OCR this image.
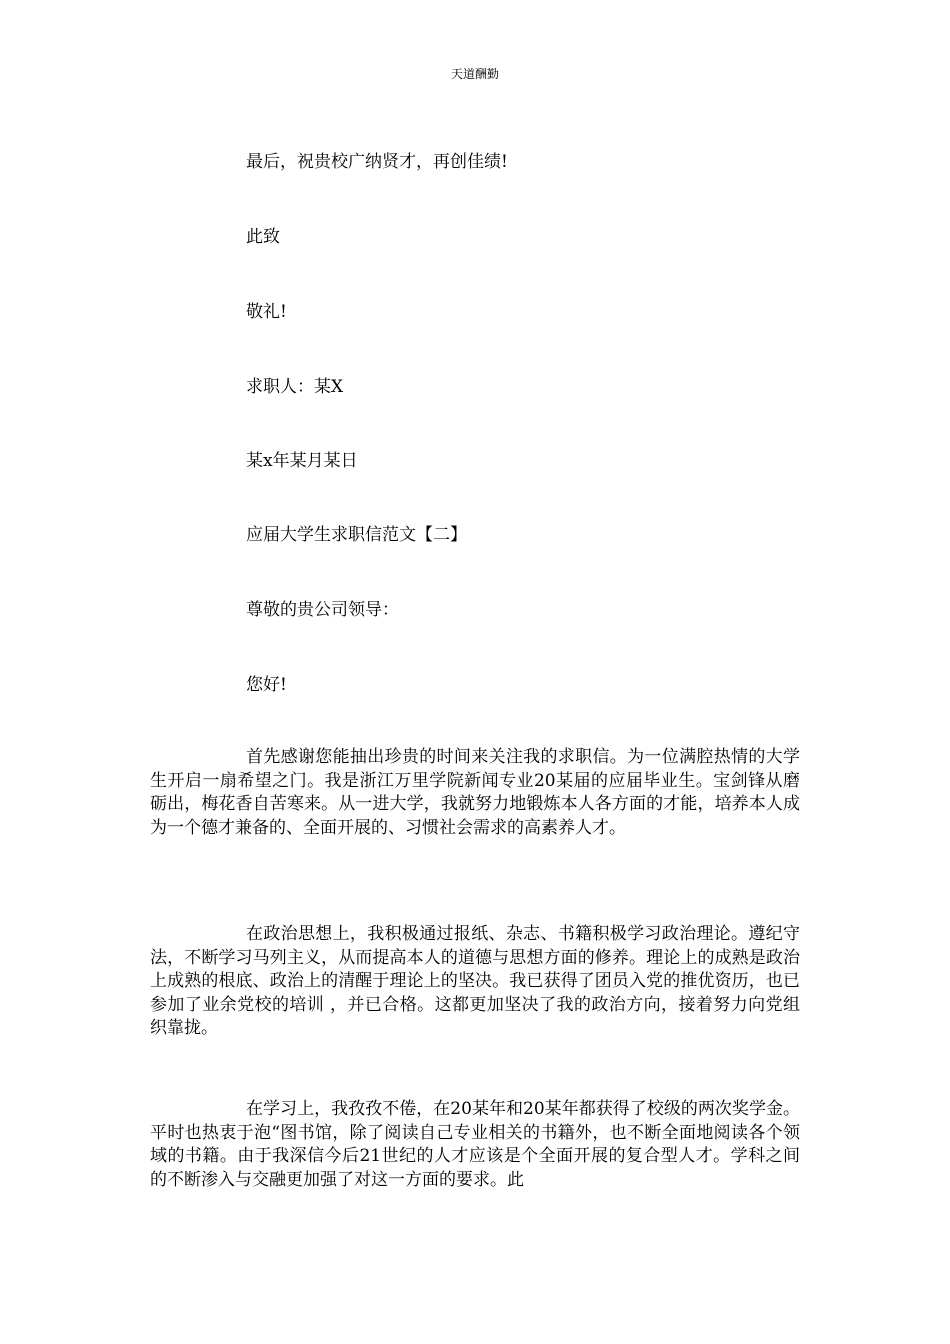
天道酬勤
最后，祝贵校广纳贤才，再创佳绩!
此致
敬礼!
求职人：某X
某x年某月某日
应届大学生求职信范文【二】
尊敬的贵公司领导：
您好!
首先感谢您能抽出珍贵的时间来关注我的求职信。为一位满腔热情的大学生开启一扇希望之门。我是浙江万里学院新闻专业20某届的应届毕业生。宝剑锋从磨砺出，梅花香自苦寒来。从一进大学，我就努力地锻炼本人各方面的才能，培养本人成为一个德才兼备的、全面开展的、习惯社会需求的高素养人才。
在政治思想上，我积极通过报纸、杂志、书籍积极学习政治理论。遵纪守法，不断学习马列主义，从而提高本人的道德与思想方面的修养。理论上的成熟是政治上成熟的根底、政治上的清醒于理论上的坚决。我已获得了团员入党的推优资历，也已参加了业余党校的培训 ，并已合格。这都更加坚决了我的政治方向，接着努力向党组织靠拢。
在学习上，我孜孜不倦，在20某年和20某年都获得了校级的两次奖学金。平时也热衷于泡“图书馆，除了阅读自己专业相关的书籍外，也不断全面地阅读各个领域的书籍。由于我深信今后21世纪的人才应该是个全面开展的复合型人才。学科之间的不断渗入与交融更加强了对这一方面的要求。此
